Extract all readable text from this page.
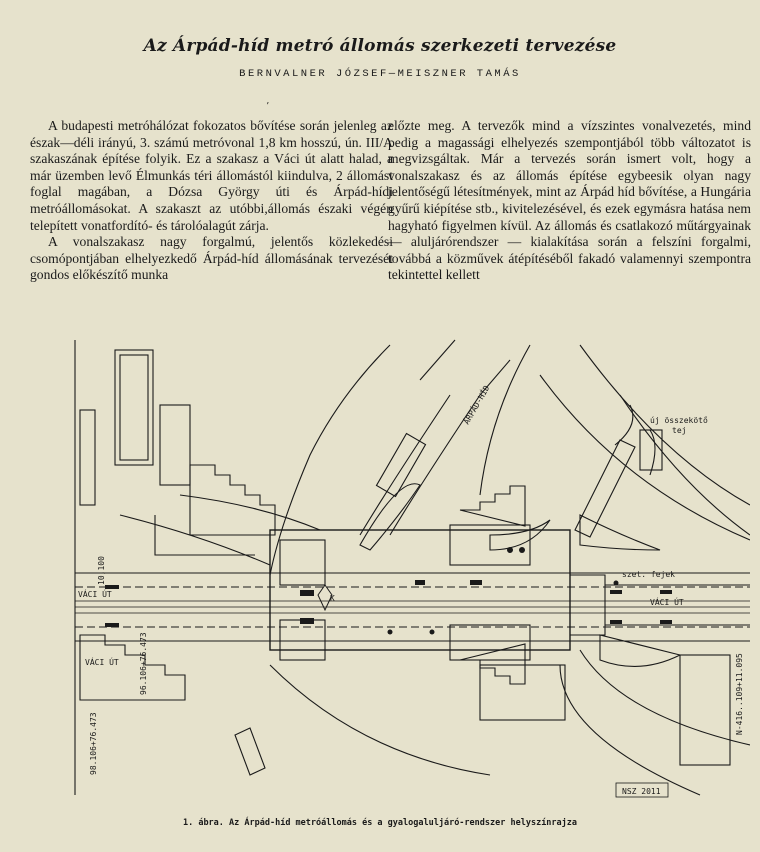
Az Árpád-híd metró állomás szerkezeti tervezése
BERNVALNER JÓZSEF—MEISZNER TAMÁS
ʼ

A budapesti metróhálózat fokozatos bővítése során jelenleg az észak—déli irányú, 3. számú metróvonal 1,8 km hosszú, ún. III/A szakaszának építése folyik. Ez a szakasz a Váci út alatt halad, a már üzemben levő Élmunkás téri állomástól kiindulva, 2 állomást foglal magában, a Dózsa György úti és Árpád-hídi metróállomásokat. A szakaszt az utóbbi,állomás északi végén telepített vonatfordító- és tárolóalagút zárja.

A vonalszakasz nagy forgalmú, jelentős közlekedési csomópontjában elhelyezkedő Árpád-híd állomásának tervezését gondos előkészítő munka

előzte meg. A tervezők mind a vízszintes vonalvezetés, mind pedig a magassági elhelyezés szempontjából több változatot is megvizsgáltak. Már a tervezés során ismert volt, hogy a vonalszakasz és az állomás építése egybeesik olyan nagy jelentőségű létesítmények, mint az Árpád híd bővítése, a Hungária gyűrű kiépítése stb., kivitelezésével, és ezek egymásra hatása nem hagyható figyelmen kívül. Az állomás és csatlakozó műtárgyainak — aluljárórendszer — kialakítása során a felszíni forgalmi, továbbá a közművek átépítéséből fakadó valamennyi szempontra tekintettel kellett

K
ÁRPÁD-HÍD
VÁCI ÚT
VÁCI ÚT
VÁCI ÚT
új összekötő
tej
szet. fejek
10,100
96.106+76.473
98.106+76.473
N-416..109+11.095
NSZ 2011
1. ábra. Az Árpád-híd metróállomás és a gyalogaluljáró-rendszer helyszínrajza
